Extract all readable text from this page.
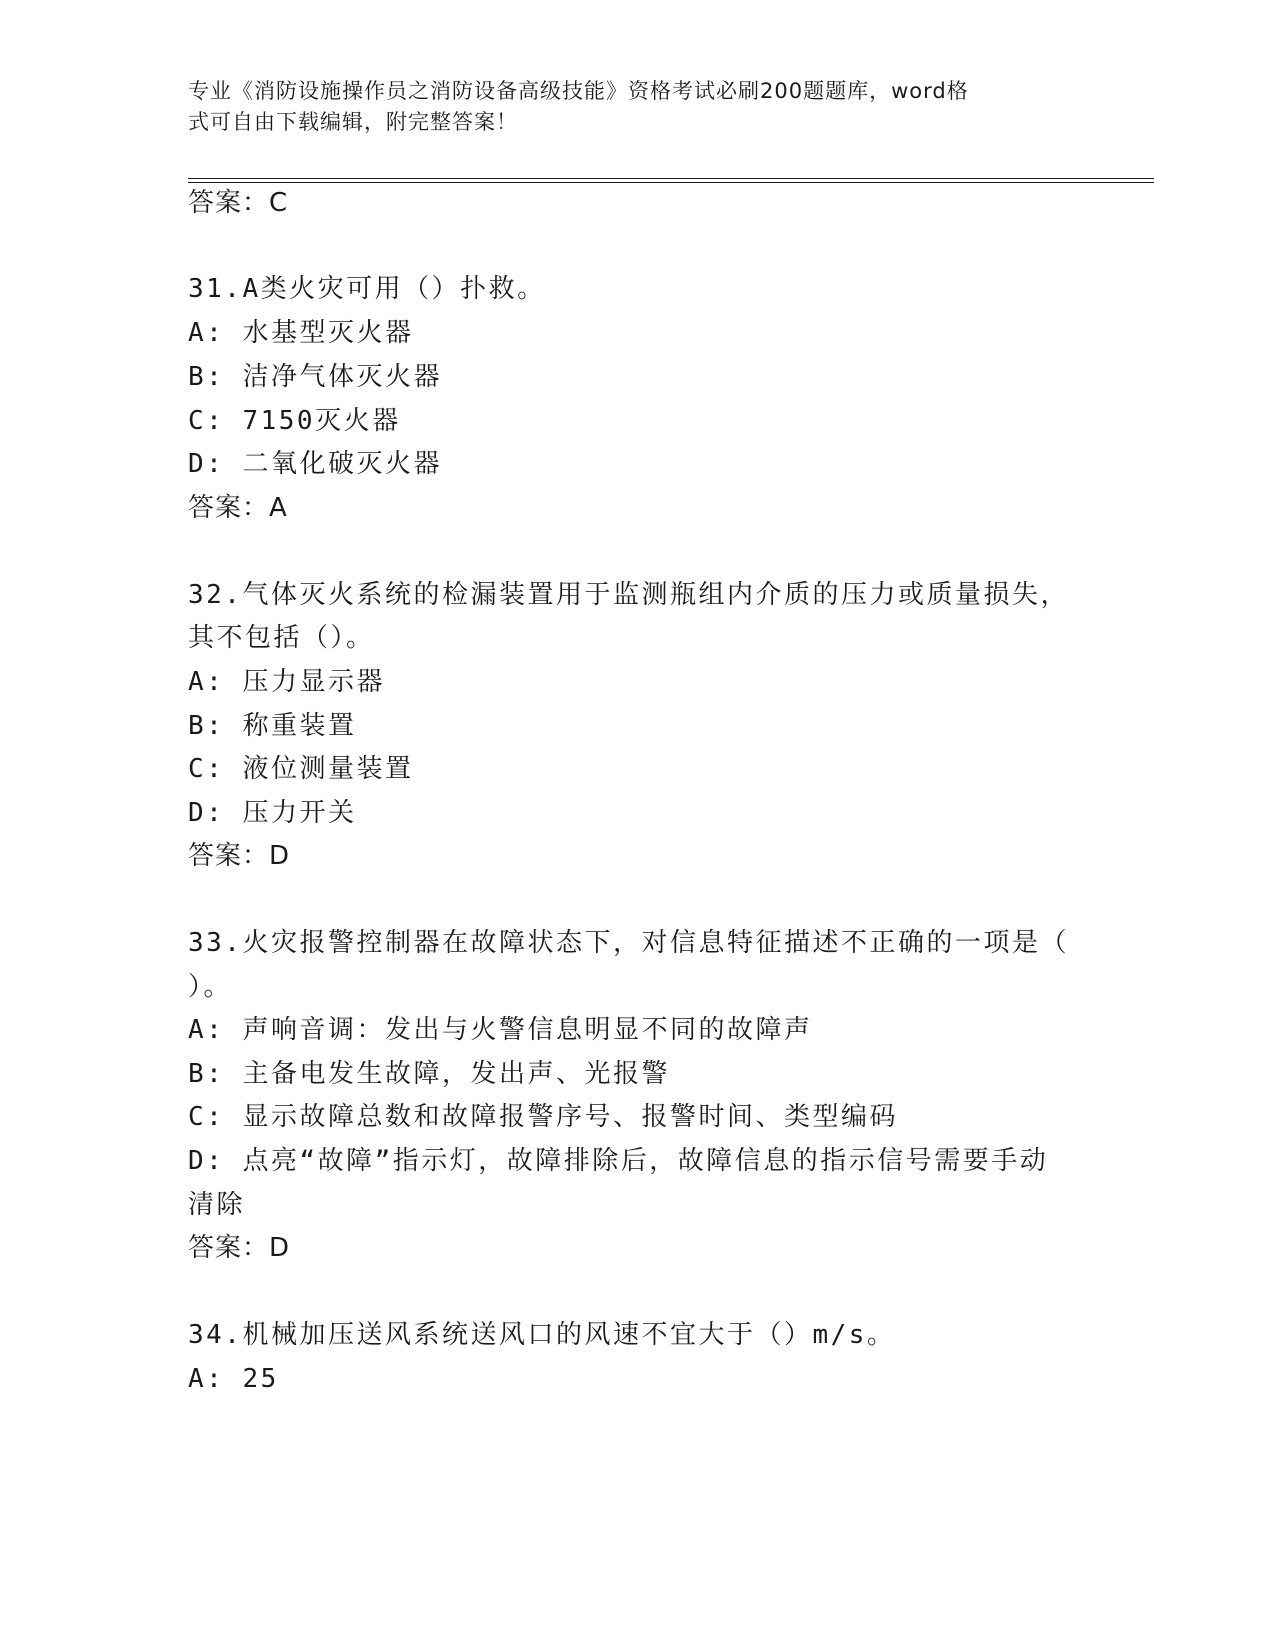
专业《消防设施操作员之消防设备高级技能》资格考试必刷200题题库，word格
式可自由下载编辑，附完整答案！
答案：C
31.A类火灾可用（）扑救。
A: 水基型灭火器
B: 洁净气体灭火器
C: 7150灭火器
D: 二氧化破灭火器
答案：A
32.气体灭火系统的检漏装置用于监测瓶组内介质的压力或质量损失，
其不包括（）。
A: 压力显示器
B: 称重装置
C: 液位测量装置
D: 压力开关
答案：D
33.火灾报警控制器在故障状态下，对信息特征描述不正确的一项是（
）。
A: 声响音调：发出与火警信息明显不同的故障声
B: 主备电发生故障，发出声、光报警
C: 显示故障总数和故障报警序号、报警时间、类型编码
D: 点亮“故障”指示灯，故障排除后，故障信息的指示信号需要手动
清除
答案：D
34.机械加压送风系统送风口的风速不宜大于（）m/s。
A: 25
